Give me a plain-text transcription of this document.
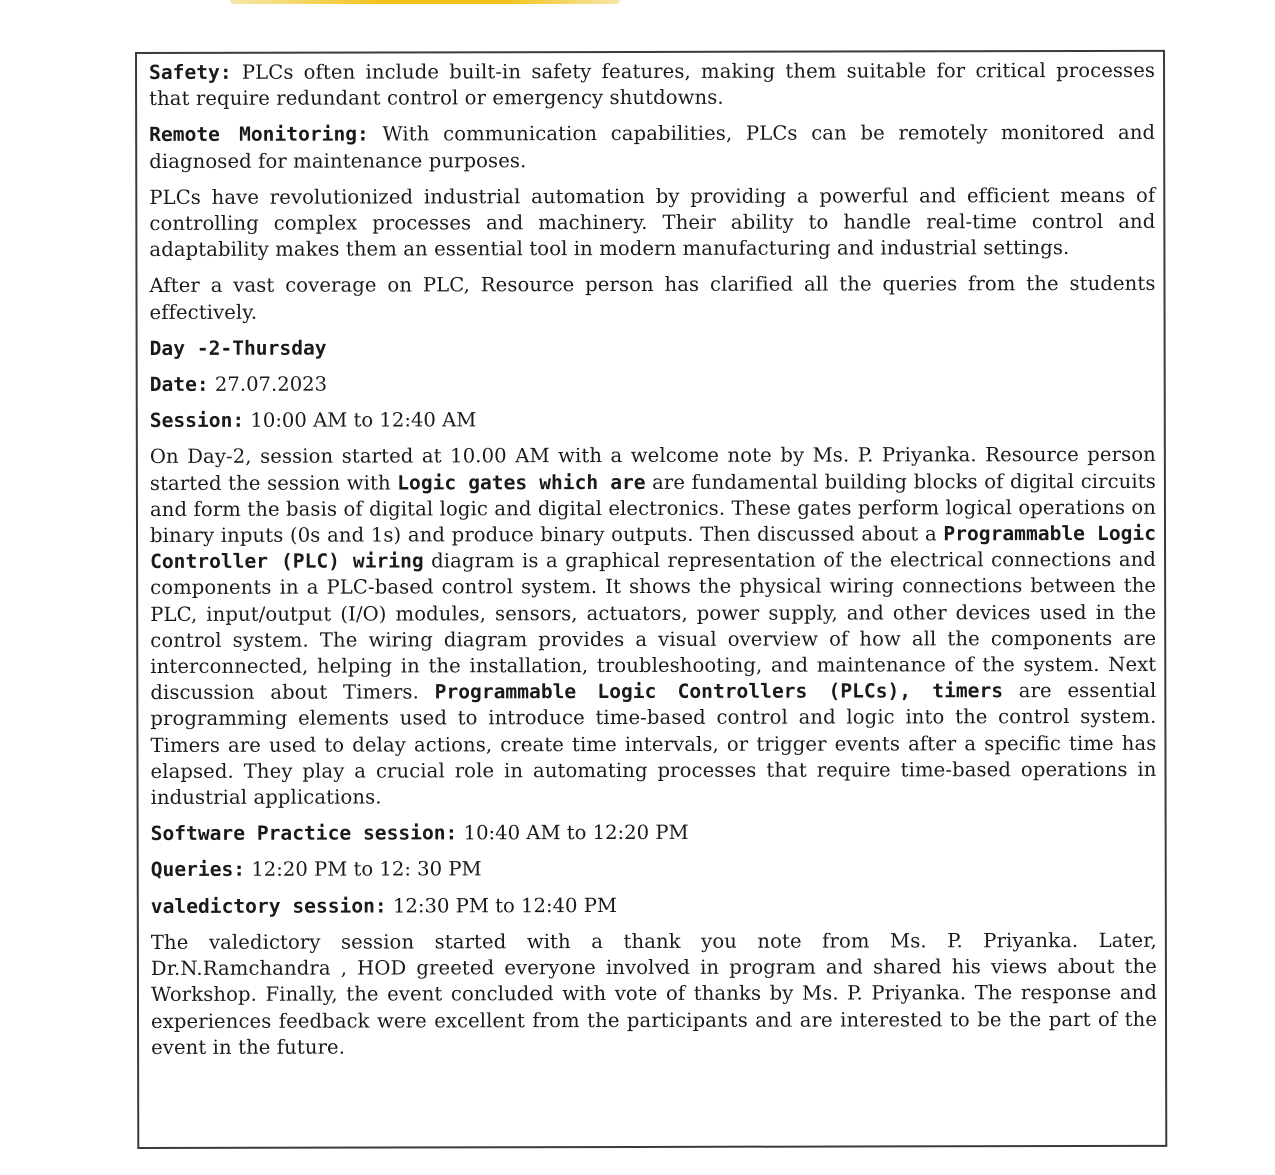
Safety: PLCs often include built-in safety features, making them suitable for critical processes that require redundant control or emergency shutdowns.

Remote Monitoring: With communication capabilities, PLCs can be remotely monitored and diagnosed for maintenance purposes.

PLCs have revolutionized industrial automation by providing a powerful and efficient means of controlling complex processes and machinery. Their ability to handle real-time control and adaptability makes them an essential tool in modern manufacturing and industrial settings.

After a vast coverage on PLC, Resource person has clarified all the queries from the students effectively.

Day -2-Thursday
Date: 27.07.2023
Session: 10:00 AM to 12:40 AM

On Day-2, session started at 10.00 AM with a welcome note by Ms. P. Priyanka. Resource person started the session with Logic gates which are are fundamental building blocks of digital circuits and form the basis of digital logic and digital electronics. These gates perform logical operations on binary inputs (0s and 1s) and produce binary outputs. Then discussed about a Programmable Logic Controller (PLC) wiring diagram is a graphical representation of the electrical connections and components in a PLC-based control system. It shows the physical wiring connections between the PLC, input/output (I/O) modules, sensors, actuators, power supply, and other devices used in the control system. The wiring diagram provides a visual overview of how all the components are interconnected, helping in the installation, troubleshooting, and maintenance of the system. Next discussion about Timers. Programmable Logic Controllers (PLCs), timers are essential programming elements used to introduce time-based control and logic into the control system. Timers are used to delay actions, create time intervals, or trigger events after a specific time has elapsed. They play a crucial role in automating processes that require time-based operations in industrial applications.

Software Practice session: 10:40 AM to 12:20 PM
Queries: 12:20 PM to 12: 30 PM
valedictory session: 12:30 PM to 12:40 PM

The valedictory session started with a thank you note from Ms. P. Priyanka. Later, Dr.N.Ramchandra , HOD greeted everyone involved in program and shared his views about the Workshop. Finally, the event concluded with vote of thanks by Ms. P. Priyanka. The response and experiences feedback were excellent from the participants and are interested to be the part of the event in the future.
